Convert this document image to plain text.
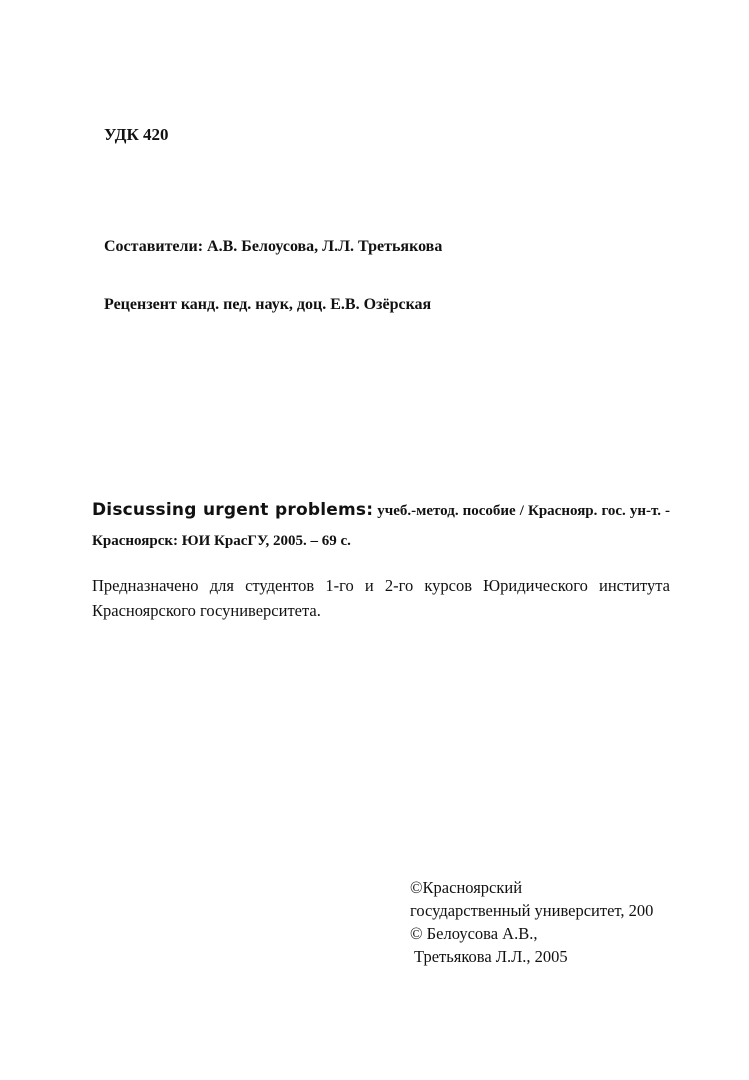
УДК 420
Составители: А.В. Белоусова, Л.Л. Третьякова
Рецензент канд. пед. наук, доц. Е.В. Озёрская
Discussing urgent problems: учеб.-метод. пособие / Краснояр. гос. ун-т. - Красноярск: ЮИ КрасГУ, 2005. – 69 с.
Предназначено для студентов 1-го и 2-го курсов Юридического института Красноярского госуниверситета.
©Красноярский
государственный университет, 200
© Белоусова А.В.,
Третьякова Л.Л., 2005
